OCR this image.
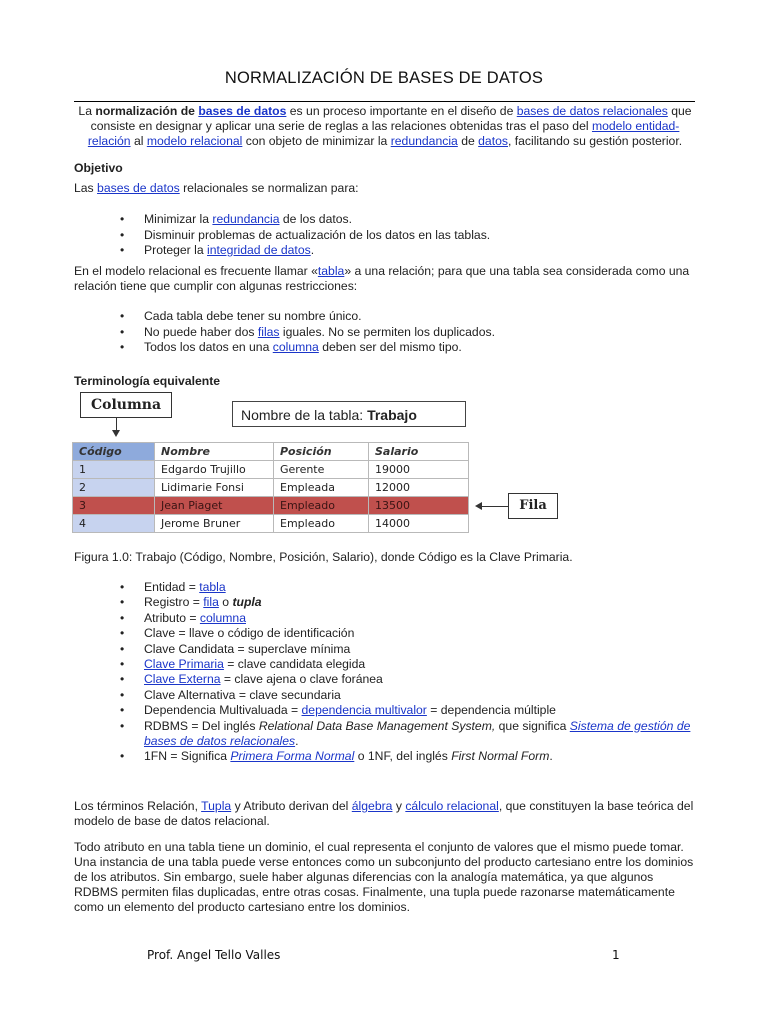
NORMALIZACIÓN DE BASES DE DATOS
La normalización de bases de datos es un proceso importante en el diseño de bases de datos relacionales que consiste en designar y aplicar una serie de reglas a las relaciones obtenidas tras el paso del modelo entidad-relación al modelo relacional con objeto de minimizar la redundancia de datos, facilitando su gestión posterior.
Objetivo
Las bases de datos relacionales se normalizan para:
• Minimizar la redundancia de los datos.
• Disminuir problemas de actualización de los datos en las tablas.
• Proteger la integridad de datos.
En el modelo relacional es frecuente llamar «tabla» a una relación; para que una tabla sea considerada como una relación tiene que cumplir con algunas restricciones:
• Cada tabla debe tener su nombre único.
• No puede haber dos filas iguales. No se permiten los duplicados.
• Todos los datos en una columna deben ser del mismo tipo.
Terminología equivalente
Columna
Nombre de la tabla: Trabajo
Código	Nombre	Posición	Salario
1	Edgardo Trujillo	Gerente	19000
2	Lidimarie Fonsi	Empleada	12000
3	Jean Piaget	Empleado	13500
4	Jerome Bruner	Empleado	14000
Fila
Figura 1.0: Trabajo (Código, Nombre, Posición, Salario), donde Código es la Clave Primaria.
• Entidad = tabla
• Registro = fila o tupla
• Atributo = columna
• Clave = llave o código de identificación
• Clave Candidata = superclave mínima
• Clave Primaria = clave candidata elegida
• Clave Externa = clave ajena o clave foránea
• Clave Alternativa = clave secundaria
• Dependencia Multivaluada = dependencia multivalor = dependencia múltiple
• RDBMS = Del inglés Relational Data Base Management System, que significa Sistema de gestión de bases de datos relacionales.
• 1FN = Significa Primera Forma Normal o 1NF, del inglés First Normal Form.
Los términos Relación, Tupla y Atributo derivan del álgebra y cálculo relacional, que constituyen la base teórica del modelo de base de datos relacional.
Todo atributo en una tabla tiene un dominio, el cual representa el conjunto de valores que el mismo puede tomar. Una instancia de una tabla puede verse entonces como un subconjunto del producto cartesiano entre los dominios de los atributos. Sin embargo, suele haber algunas diferencias con la analogía matemática, ya que algunos RDBMS permiten filas duplicadas, entre otras cosas. Finalmente, una tupla puede razonarse matemáticamente como un elemento del producto cartesiano entre los dominios.
Prof. Angel Tello Valles	1
